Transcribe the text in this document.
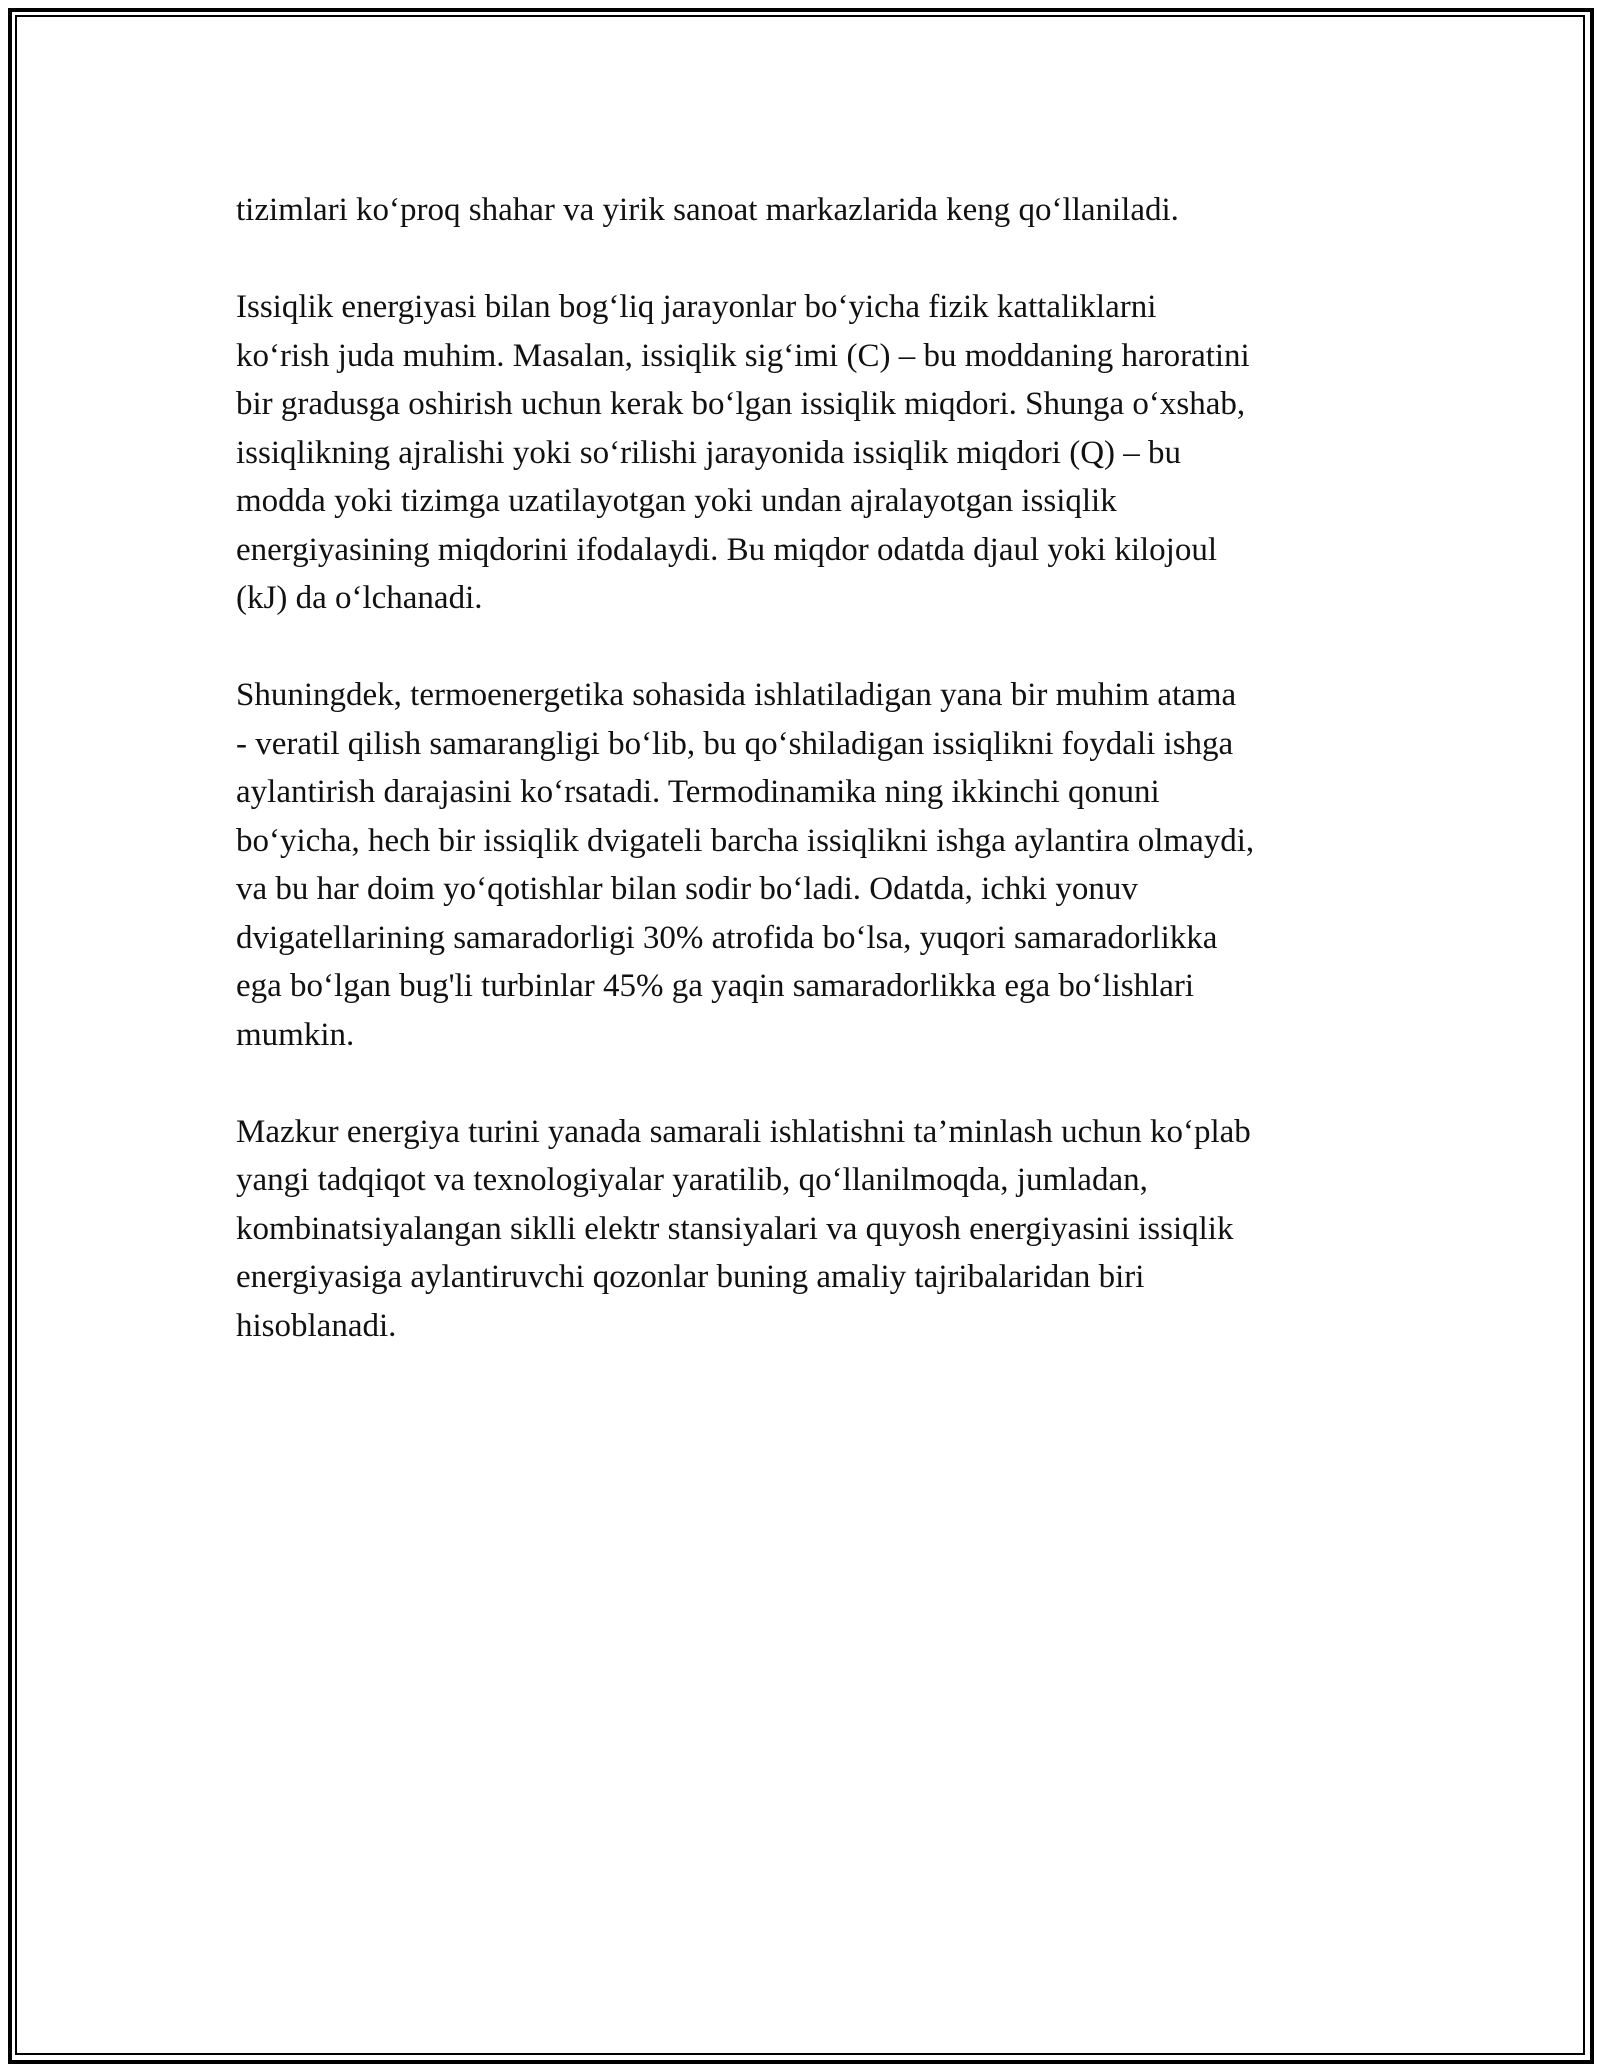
tizimlari ko‘proq shahar va yirik sanoat markazlarida keng qo‘llaniladi.

Issiqlik energiyasi bilan bog‘liq jarayonlar bo‘yicha fizik kattaliklarni
ko‘rish juda muhim. Masalan, issiqlik sig‘imi (C) – bu moddaning haroratini
bir gradusga oshirish uchun kerak bo‘lgan issiqlik miqdori. Shunga o‘xshab,
issiqlikning ajralishi yoki so‘rilishi jarayonida issiqlik miqdori (Q) – bu
modda yoki tizimga uzatilayotgan yoki undan ajralayotgan issiqlik
energiyasining miqdorini ifodalaydi. Bu miqdor odatda djaul yoki kilojoul
(kJ) da o‘lchanadi.

Shuningdek, termoenergetika sohasida ishlatiladigan yana bir muhim atama
- veratil qilish samarangligi bo‘lib, bu qo‘shiladigan issiqlikni foydali ishga
aylantirish darajasini ko‘rsatadi. Termodinamika ning ikkinchi qonuni
bo‘yicha, hech bir issiqlik dvigateli barcha issiqlikni ishga aylantira olmaydi,
va bu har doim yo‘qotishlar bilan sodir bo‘ladi. Odatda, ichki yonuv
dvigatellarining samaradorligi 30% atrofida bo‘lsa, yuqori samaradorlikka
ega bo‘lgan bug'li turbinlar 45% ga yaqin samaradorlikka ega bo‘lishlari
mumkin.

Mazkur energiya turini yanada samarali ishlatishni ta’minlash uchun ko‘plab
yangi tadqiqot va texnologiyalar yaratilib, qo‘llanilmoqda, jumladan,
kombinatsiyalangan siklli elektr stansiyalari va quyosh energiyasini issiqlik
energiyasiga aylantiruvchi qozonlar buning amaliy tajribalaridan biri
hisoblanadi.
